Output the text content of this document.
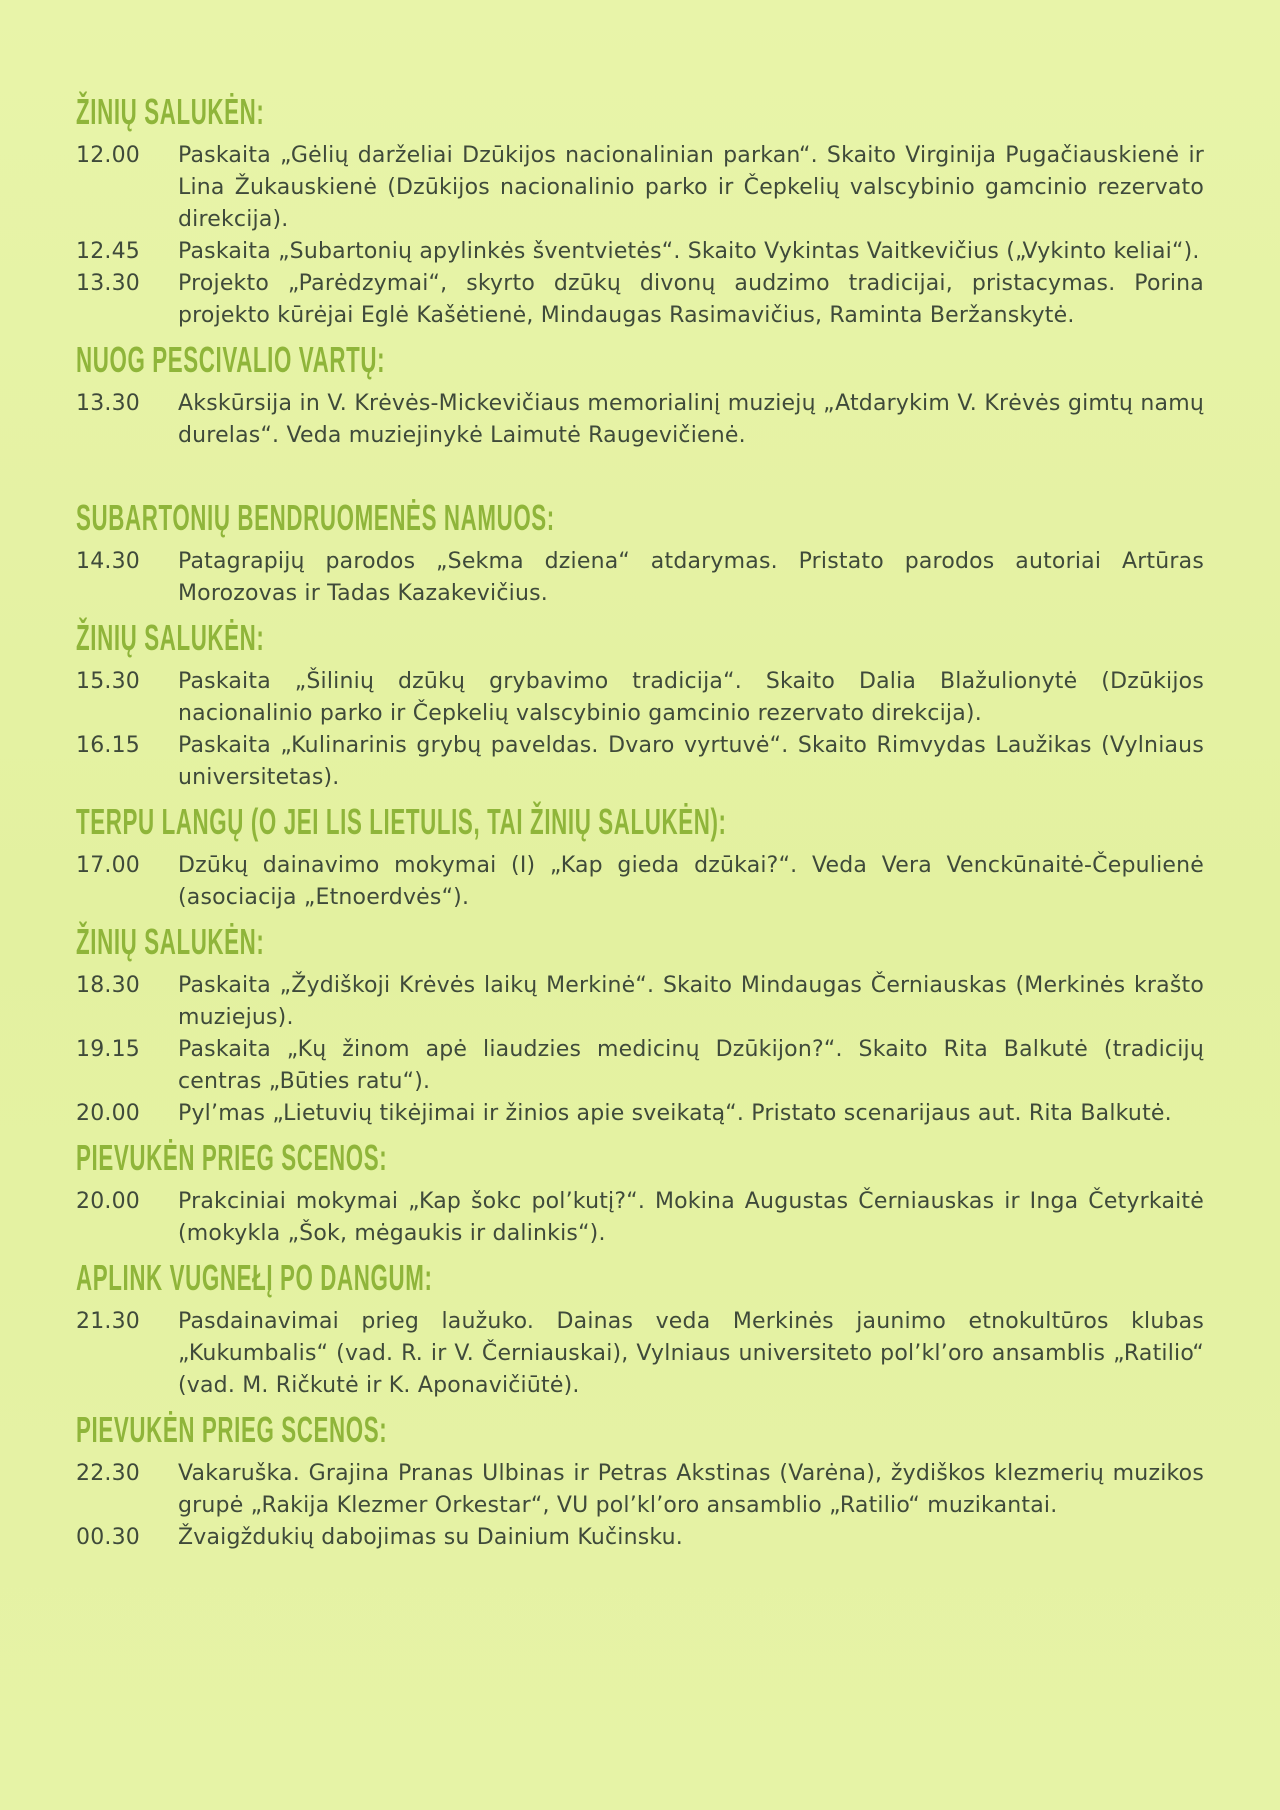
ŽINIŲ SALUKĖN:
12.00	Paskaita „Gėlių darželiai Dzūkijos nacionalinian parkan“. Skaito Virginija Pugačiauskienė ir Lina Žukauskienė (Dzūkijos nacionalinio parko ir Čepkelių valscybinio gamcinio rezervato direkcija).
12.45	Paskaita „Subartonių apylinkės šventvietės“. Skaito Vykintas Vaitkevičius („Vykinto keliai“).
13.30	Projekto „Parėdzymai“, skyrto dzūkų divonų audzimo tradicijai, pristacymas. Porina projekto kūrėjai Eglė Kašėtienė, Mindaugas Rasimavičius, Raminta Beržanskytė.
NUOG PESCIVALIO VARTŲ:
13.30	Akskūrsija in V. Krėvės-Mickevičiaus memorialinį muziejų „Atdarykim V. Krėvės gimtų namų durelas“. Veda muziejinykė Laimutė Raugevičienė.
SUBARTONIŲ BENDRUOMENĖS NAMUOS:
14.30	Patagrapijų parodos „Sekma dziena“ atdarymas. Pristato parodos autoriai Artūras Morozovas ir Tadas Kazakevičius.
ŽINIŲ SALUKĖN:
15.30	Paskaita „Šilinių dzūkų grybavimo tradicija“. Skaito Dalia Blažulionytė (Dzūkijos nacionalinio parko ir Čepkelių valscybinio gamcinio rezervato direkcija).
16.15	Paskaita „Kulinarinis grybų paveldas. Dvaro vyrtuvė“. Skaito Rimvydas Laužikas (Vylniaus universitetas).
TERPU LANGŲ (O JEI LIS LIETULIS, TAI ŽINIŲ SALUKĖN):
17.00	Dzūkų dainavimo mokymai (I) „Kap gieda dzūkai?“. Veda Vera Venckūnaitė-Čepulienė (asociacija „Etnoerdvės“).
ŽINIŲ SALUKĖN:
18.30	Paskaita „Žydiškoji Krėvės laikų Merkinė“. Skaito Mindaugas Černiauskas (Merkinės krašto muziejus).
19.15	Paskaita „Kų žinom apė liaudzies medicinų Dzūkijon?“. Skaito Rita Balkutė (tradicijų centras „Būties ratu“).
20.00	Pyl’mas „Lietuvių tikėjimai ir žinios apie sveikatą“. Pristato scenarijaus aut. Rita Balkutė.
PIEVUKĖN PRIEG SCENOS:
20.00	Prakciniai mokymai „Kap šokc pol’kutį?“. Mokina Augustas Černiauskas ir Inga Četyrkaitė (mokykla „Šok, mėgaukis ir dalinkis“).
APLINK VUGNEŁĮ PO DANGUM:
21.30	Pasdainavimai prieg laužuko. Dainas veda Merkinės jaunimo etnokultūros klubas „Kukumbalis“ (vad. R. ir V. Černiauskai), Vylniaus universiteto pol’kl’oro ansamblis „Ratilio“ (vad. M. Ričkutė ir K. Aponavičiūtė).
PIEVUKĖN PRIEG SCENOS:
22.30	Vakaruška. Grajina Pranas Ulbinas ir Petras Akstinas (Varėna), žydiškos klezmerių muzikos grupė „Rakija Klezmer Orkestar“, VU pol’kl’oro ansamblio „Ratilio“ muzikantai.
00.30	Žvaigždukių dabojimas su Dainium Kučinsku.
